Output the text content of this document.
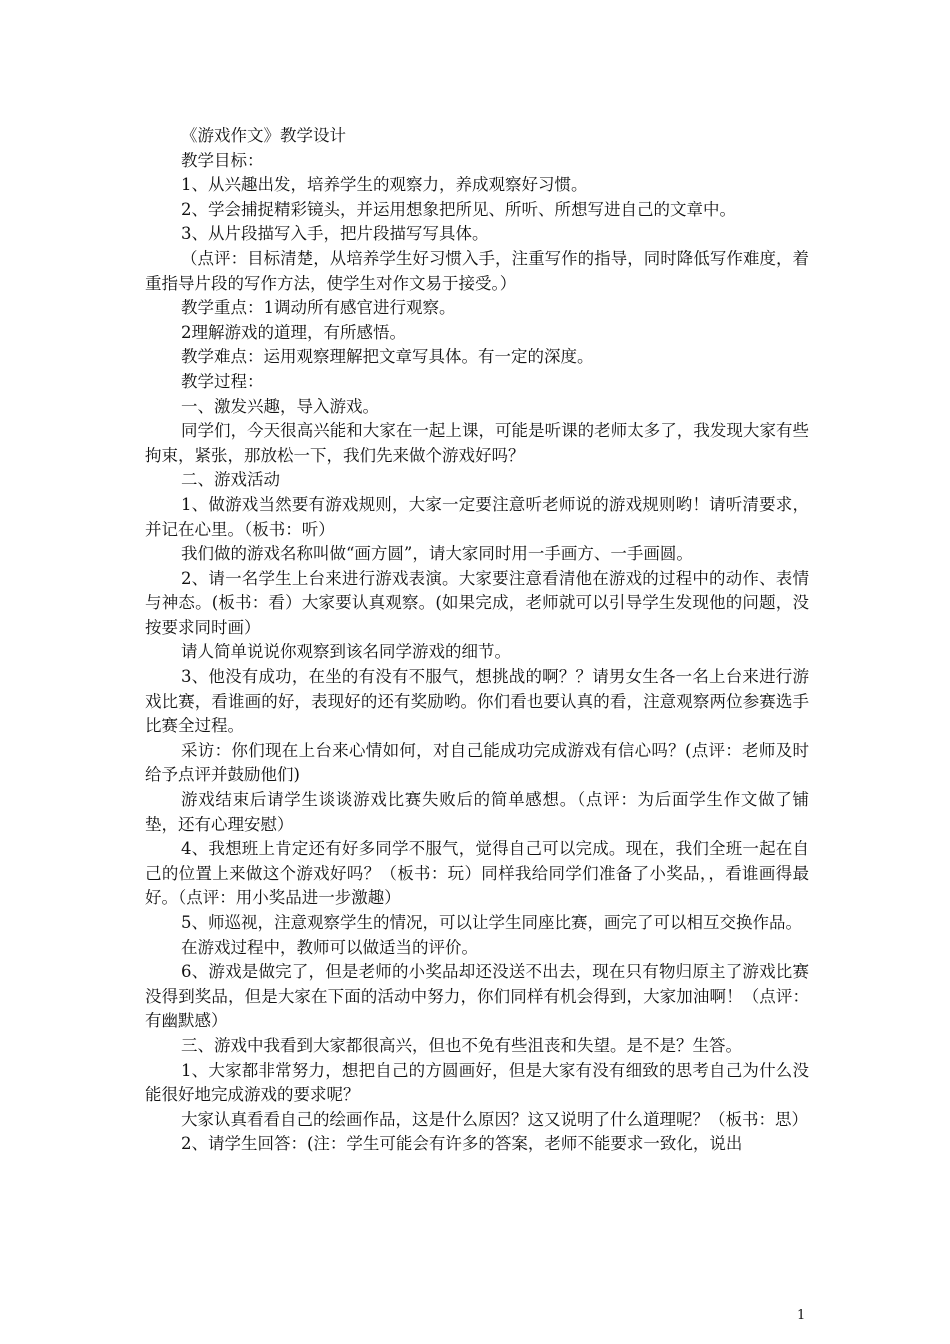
《游戏作文》教学设计

教学目标：

1、从兴趣出发，培养学生的观察力，养成观察好习惯。

2、学会捕捉精彩镜头，并运用想象把所见、所听、所想写进自己的文章中。

3、从片段描写入手，把片段描写写具体。

（点评：目标清楚，从培养学生好习惯入手，注重写作的指导，同时降低写作难度，着重指导片段的写作方法，使学生对作文易于接受。）

教学重点：1调动所有感官进行观察。

2理解游戏的道理，有所感悟。

教学难点：运用观察理解把文章写具体。有一定的深度。

教学过程：

一、激发兴趣，导入游戏。

同学们，今天很高兴能和大家在一起上课，可能是听课的老师太多了，我发现大家有些拘束，紧张，那放松一下，我们先来做个游戏好吗？

二、游戏活动

1、做游戏当然要有游戏规则，大家一定要注意听老师说的游戏规则哟！请听清要求，并记在心里。（板书：听）

我们做的游戏名称叫做“画方圆”，请大家同时用一手画方、一手画圆。

2、请一名学生上台来进行游戏表演。大家要注意看清他在游戏的过程中的动作、表情与神态。(板书：看）大家要认真观察。(如果完成，老师就可以引导学生发现他的问题，没按要求同时画）

请人简单说说你观察到该名同学游戏的细节。

3、他没有成功，在坐的有没有不服气，想挑战的啊？？请男女生各一名上台来进行游戏比赛，看谁画的好，表现好的还有奖励哟。你们看也要认真的看，注意观察两位参赛选手比赛全过程。

采访：你们现在上台来心情如何，对自己能成功完成游戏有信心吗？(点评：老师及时给予点评并鼓励他们)

游戏结束后请学生谈谈游戏比赛失败后的简单感想。（点评：为后面学生作文做了铺垫，还有心理安慰）

4、我想班上肯定还有好多同学不服气，觉得自己可以完成。现在，我们全班一起在自己的位置上来做这个游戏好吗？（板书：玩）同样我给同学们准备了小奖品，，看谁画得最好。（点评：用小奖品进一步激趣）

5、师巡视，注意观察学生的情况，可以让学生同座比赛，画完了可以相互交换作品。

在游戏过程中，教师可以做适当的评价。

6、游戏是做完了，但是老师的小奖品却还没送不出去，现在只有物归原主了游戏比赛没得到奖品，但是大家在下面的活动中努力，你们同样有机会得到，大家加油啊！（点评：有幽默感）

三、游戏中我看到大家都很高兴，但也不免有些沮丧和失望。是不是？生答。

1、大家都非常努力，想把自己的方圆画好，但是大家有没有细致的思考自己为什么没能很好地完成游戏的要求呢？

大家认真看看自己的绘画作品，这是什么原因？这又说明了什么道理呢？（板书：思）

2、请学生回答：(注：学生可能会有许多的答案，老师不能要求一致化，说出

1
